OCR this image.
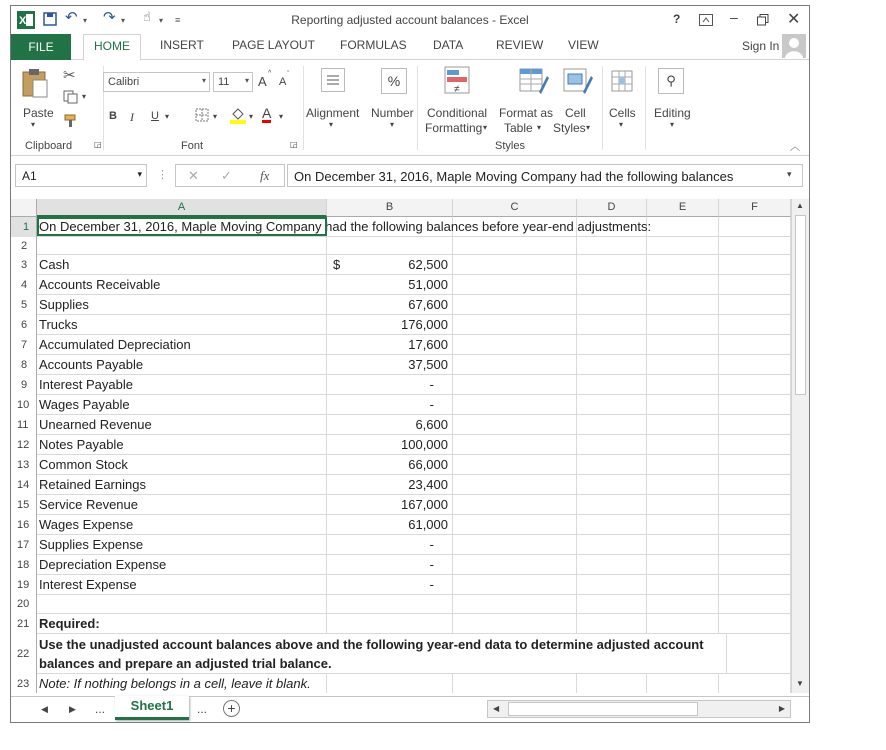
X	↶ ▾ ↷ ▾ ☝ ▾ ≡	Reporting adjusted account balances - Excel	?	–	✕
FILE	HOME	INSERT PAGE LAYOUT FORMULAS DATA	REVIEW VIEW	Sign In
Paste
▾
✂
▾
Clipboard	◲
Calibri	▾	11 ▾ A
^
A
ˇ
B I U ▾	▾	▾ A ▾
Font	◲
Alignment
▾
%
Number
▾
≠
Conditional
Formatting ▾
Format as
Table ▾
Cell
Styles ▾
Styles
Cells
▾
⚲
Editing
▾
︿
A1	▾ ⋮ ✕ ✓ fx	On December 31, 2016, Maple Moving Company had the following balances	▾
A	B	C	D	E	F
1 On December 31, 2016, Maple Moving Company had the following balances before year-end adjustments:
2
3 Cash	$	62,500
4 Accounts Receivable	51,000
5 Supplies	67,600
6 Trucks	176,000
7 Accumulated Depreciation	17,600
8 Accounts Payable	37,500
9 Interest Payable	-
10 Wages Payable	-
11 Unearned Revenue	6,600
12 Notes Payable	100,000
13 Common Stock	66,000
14 Retained Earnings	23,400
15 Service Revenue	167,000
16 Wages Expense	61,000
17 Supplies Expense	-
18 Depreciation Expense	-
19 Interest Expense	-
20
21 Required:
22
Use the unadjusted account balances above and the following year-end data to determine adjusted account balances and prepare an adjusted trial balance.
23 Note: If nothing belongs in a cell, leave it blank.
▲
▼
◀ ▶ ...	Sheet1	...	+	◀	▶
